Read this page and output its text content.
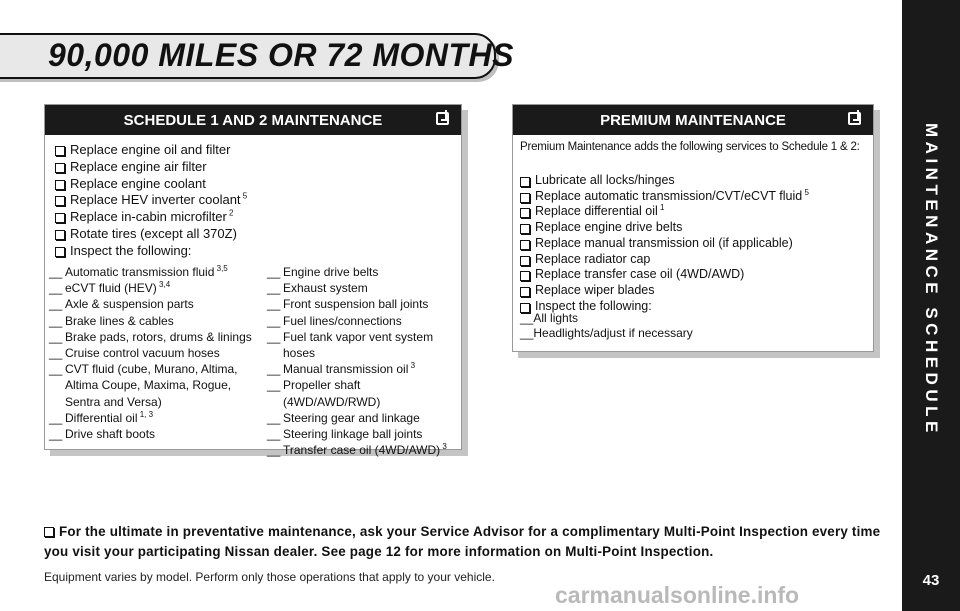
90,000 MILES OR 72 MONTHS
MAINTENANCE SCHEDULE
43
SCHEDULE 1 AND 2 MAINTENANCE
Replace engine oil and filter
Replace engine air filter
Replace engine coolant
Replace HEV inverter coolant $^5$
Replace in-cabin microfilter $^2$
Rotate tires (except all 370Z)
Inspect the following:
__ Automatic transmission fluid $^{3,5}$
__ eCVT fluid (HEV) $^{3,4}$
__ Axle & suspension parts
__ Brake lines & cables
__ Brake pads, rotors, drums & linings
__ Cruise control vacuum hoses
__ CVT fluid (cube, Murano, Altima, Altima Coupe, Maxima, Rogue, Sentra and Versa)
__ Differential oil $^{1, 3}$
__ Drive shaft boots
__ Engine drive belts
__ Exhaust system
__ Front suspension ball joints
__ Fuel lines/connections
__ Fuel tank vapor vent system hoses
__ Manual transmission oil $^3$
__ Propeller shaft (4WD/AWD/RWD)
__ Steering gear and linkage
__ Steering linkage ball joints
__ Transfer case oil (4WD/AWD) $^3$
PREMIUM MAINTENANCE
Premium Maintenance adds the following services to Schedule 1 & 2:
Lubricate all locks/hinges
Replace automatic transmission/CVT/eCVT fluid $^5$
Replace differential oil $^1$
Replace engine drive belts
Replace manual transmission oil (if applicable)
Replace radiator cap
Replace transfer case oil (4WD/AWD)
Replace wiper blades
Inspect the following:
__All lights
__Headlights/adjust if necessary
For the ultimate in preventative maintenance, ask your Service Advisor for a complimentary Multi-Point Inspection every time you visit your participating Nissan dealer. See page 12 for more information on Multi-Point Inspection.
Equipment varies by model. Perform only those operations that apply to your vehicle.
carmanualsonline.info
